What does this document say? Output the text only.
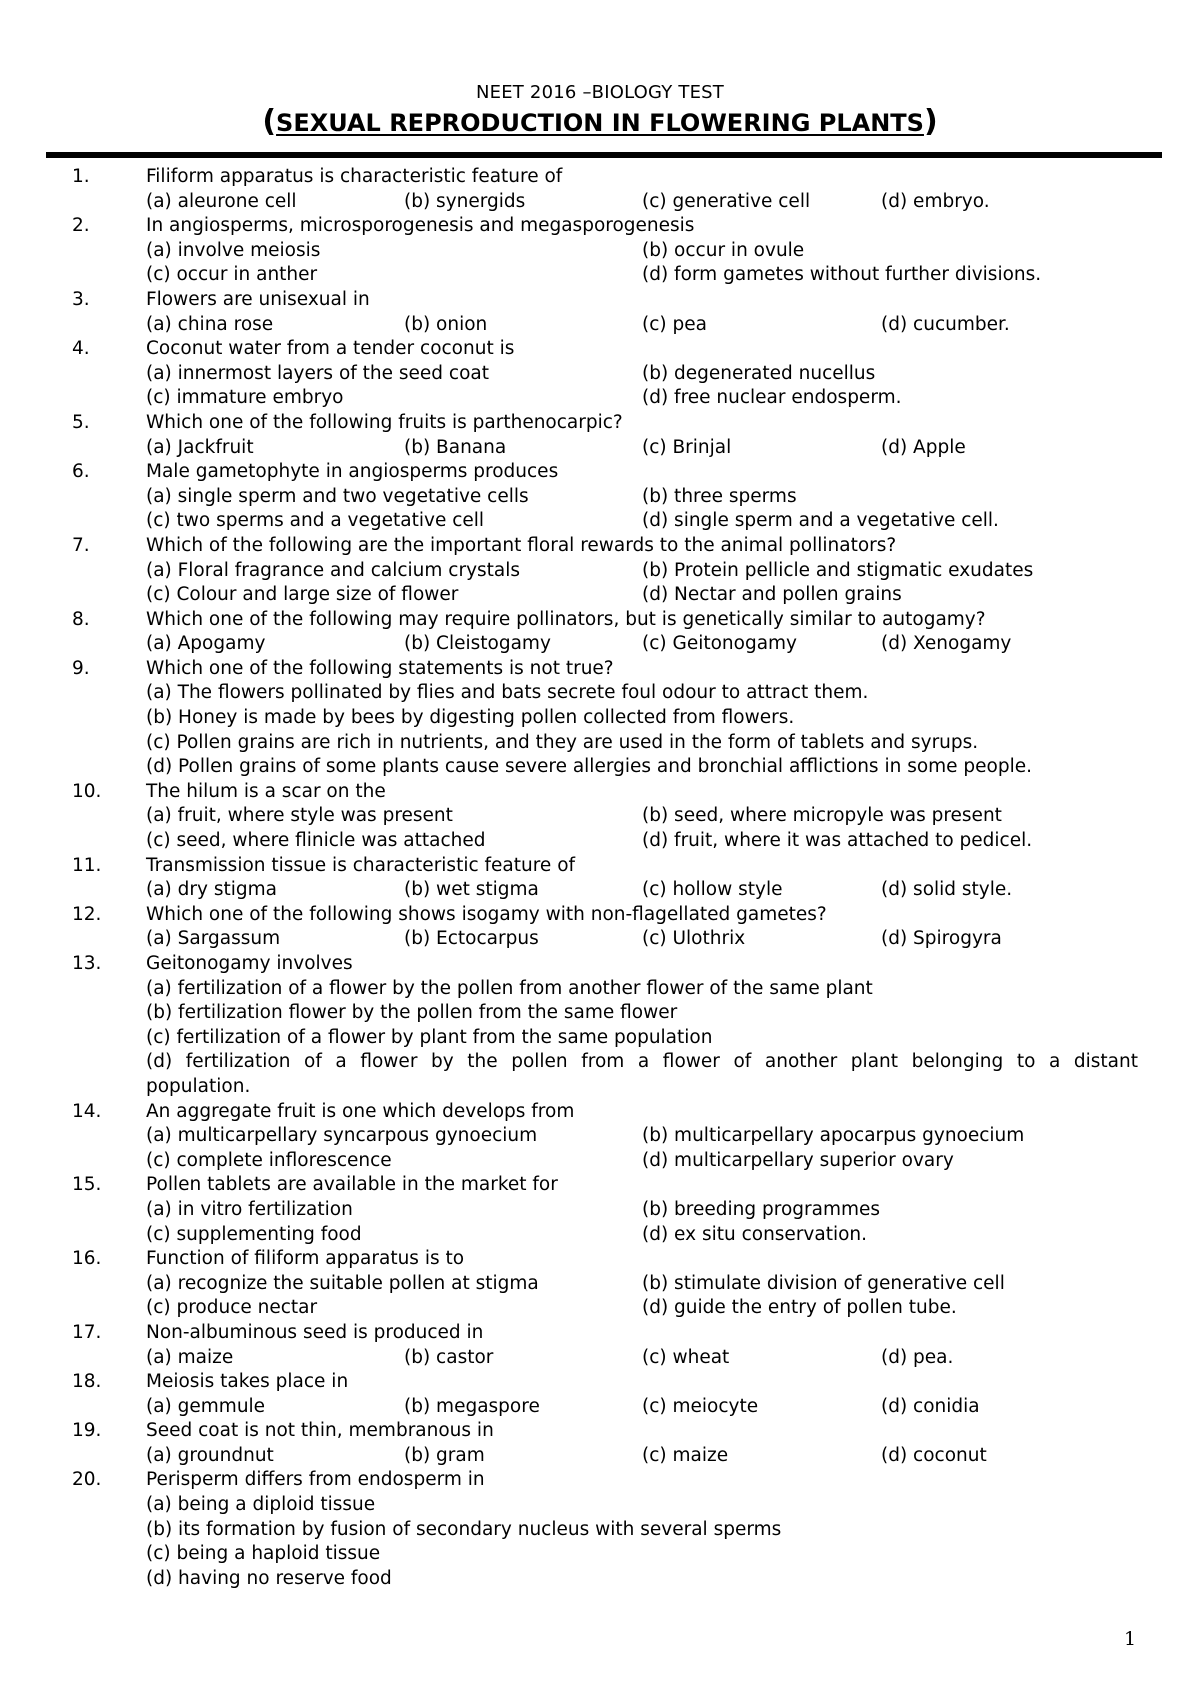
NEET 2016 –BIOLOGY TEST
(SEXUAL REPRODUCTION IN FLOWERING PLANTS)
1.	Filiform apparatus is characteristic feature of
(a) aleurone cell	(b) synergids	(c) generative cell	(d) embryo.
2.	In angiosperms, microsporogenesis and megasporogenesis
(a) involve meiosis	(b) occur in ovule
(c) occur in anther	(d) form gametes without further divisions.
3.	Flowers are unisexual in
(a) china rose	(b) onion	(c) pea	(d) cucumber.
4.	Coconut water from a tender coconut is
(a) innermost layers of the seed coat	(b) degenerated nucellus
(c) immature embryo	(d) free nuclear endosperm.
5.	Which one of the following fruits is parthenocarpic?
(a) Jackfruit	(b) Banana	(c) Brinjal	(d) Apple
6.	Male gametophyte in angiosperms produces
(a) single sperm and two vegetative cells	(b) three sperms
(c) two sperms and a vegetative cell	(d) single sperm and a vegetative cell.
7.	Which of the following are the important floral rewards to the animal pollinators?
(a) Floral fragrance and calcium crystals	(b) Protein pellicle and stigmatic exudates
(c) Colour and large size of flower	(d) Nectar and pollen grains
8.	Which one of the following may require pollinators, but is genetically similar to autogamy?
(a) Apogamy	(b) Cleistogamy	(c) Geitonogamy	(d) Xenogamy
9.	Which one of the following statements is not true?
(a) The flowers pollinated by flies and bats secrete foul odour to attract them.
(b) Honey is made by bees by digesting pollen collected from flowers.
(c) Pollen grains are rich in nutrients, and they are used in the form of tablets and syrups.
(d) Pollen grains of some plants cause severe allergies and bronchial afflictions in some people.
10. The hilum is a scar on the
(a) fruit, where style was present	(b) seed, where micropyle was present
(c) seed, where flinicle was attached	(d) fruit, where it was attached to pedicel.
11. Transmission tissue is characteristic feature of
(a) dry stigma	(b) wet stigma	(c) hollow style	(d) solid style.
12. Which one of the following shows isogamy with non-flagellated gametes?
(a) Sargassum	(b) Ectocarpus	(c) Ulothrix	(d) Spirogyra
13. Geitonogamy involves
(a) fertilization of a flower by the pollen from another flower of the same plant
(b) fertilization flower by the pollen from the same flower
(c) fertilization of a flower by plant from the same population
(d) fertilization of a flower by the pollen from a flower of another plant belonging to a distant
population.
14. An aggregate fruit is one which develops from
(a) multicarpellary syncarpous gynoecium	(b) multicarpellary apocarpus gynoecium
(c) complete inflorescence	(d) multicarpellary superior ovary
15. Pollen tablets are available in the market for
(a) in vitro fertilization	(b) breeding programmes
(c) supplementing food	(d) ex situ conservation.
16. Function of filiform apparatus is to
(a) recognize the suitable pollen at stigma	(b) stimulate division of generative cell
(c) produce nectar	(d) guide the entry of pollen tube.
17. Non-albuminous seed is produced in
(a) maize	(b) castor	(c) wheat	(d) pea.
18. Meiosis takes place in
(a) gemmule	(b) megaspore	(c) meiocyte	(d) conidia
19. Seed coat is not thin, membranous in
(a) groundnut	(b) gram	(c) maize	(d) coconut
20. Perisperm differs from endosperm in
(a) being a diploid tissue
(b) its formation by fusion of secondary nucleus with several sperms
(c) being a haploid tissue
(d) having no reserve food
1
